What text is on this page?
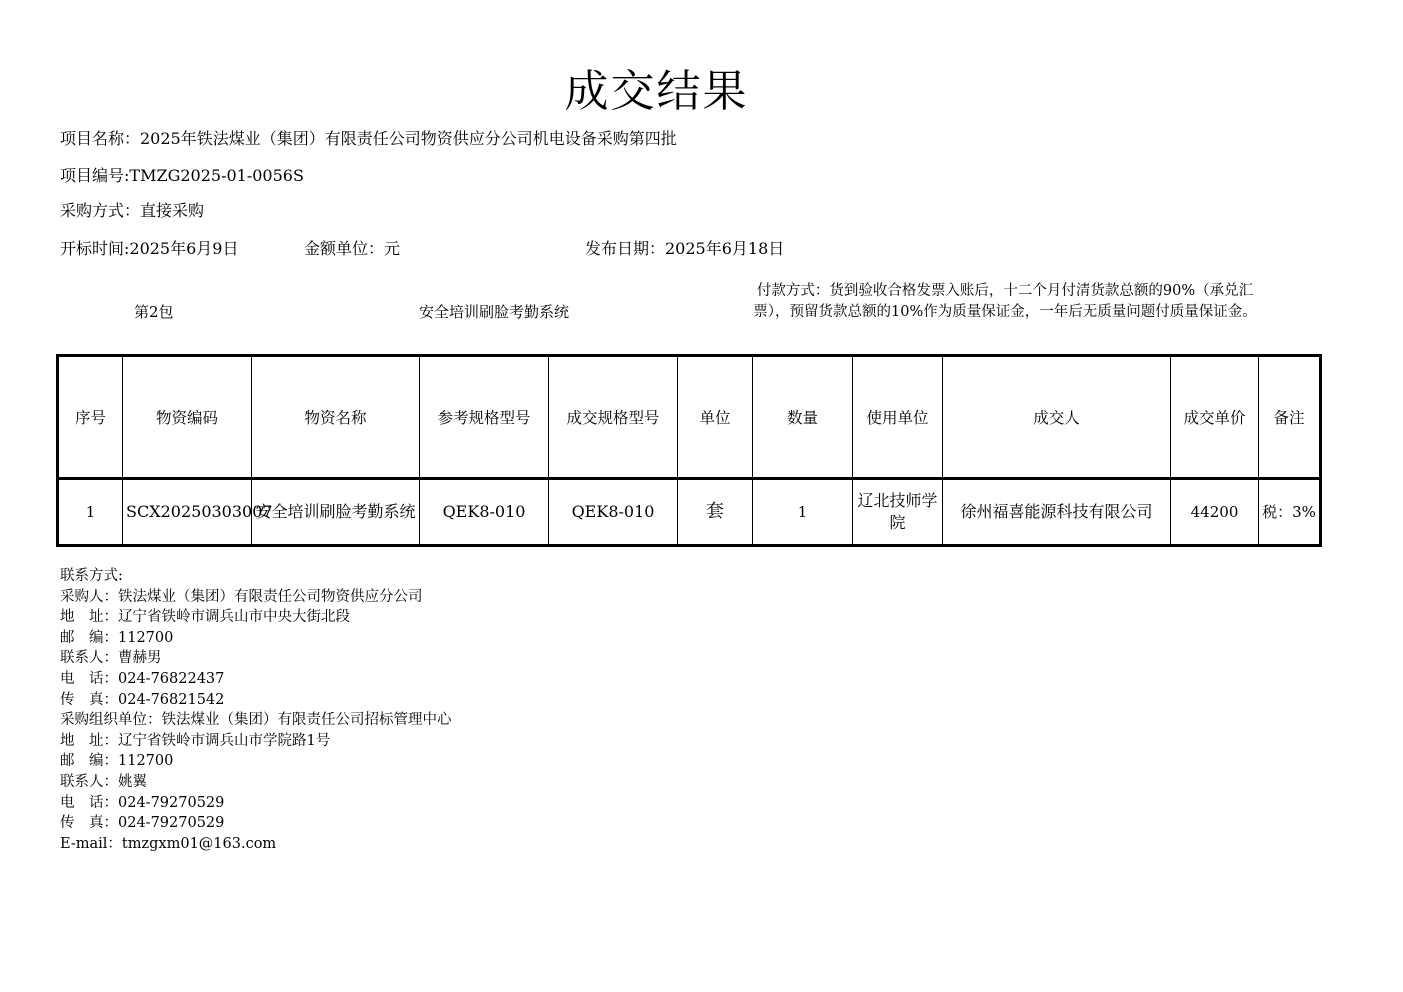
成交结果
项目名称：2025年铁法煤业（集团）有限责任公司物资供应分公司机电设备采购第四批
项目编号:TMZG2025-01-0056S
采购方式：直接采购
开标时间:2025年6月9日	金额单位：元	发布日期：2025年6月18日
第2包	安全培训刷脸考勤系统
付款方式：货到验收合格发票入账后，十二个月付清货款总额的90%（承兑汇票），预留货款总额的10%作为质量保证金，一年后无质量问题付质量保证金。
序号	物资编码	物资名称	参考规格型号	成交规格型号	单位	数量	使用单位	成交人	成交单价	备注
1	SCX20250303007	安全培训刷脸考勤系统	QEK8-010	QEK8-010	套	1	辽北技师学院	徐州福喜能源科技有限公司	44200	税：3%
联系方式:
采购人：铁法煤业（集团）有限责任公司物资供应分公司
地　址：辽宁省铁岭市调兵山市中央大街北段
邮　编：112700
联系人：曹赫男
电　话：024-76822437
传　真：024-76821542
采购组织单位：铁法煤业（集团）有限责任公司招标管理中心
地　址：辽宁省铁岭市调兵山市学院路1号
邮　编：112700
联系人：姚翼
电　话：024-79270529
传　真：024-79270529
E-mail：tmzgxm01@163.com
